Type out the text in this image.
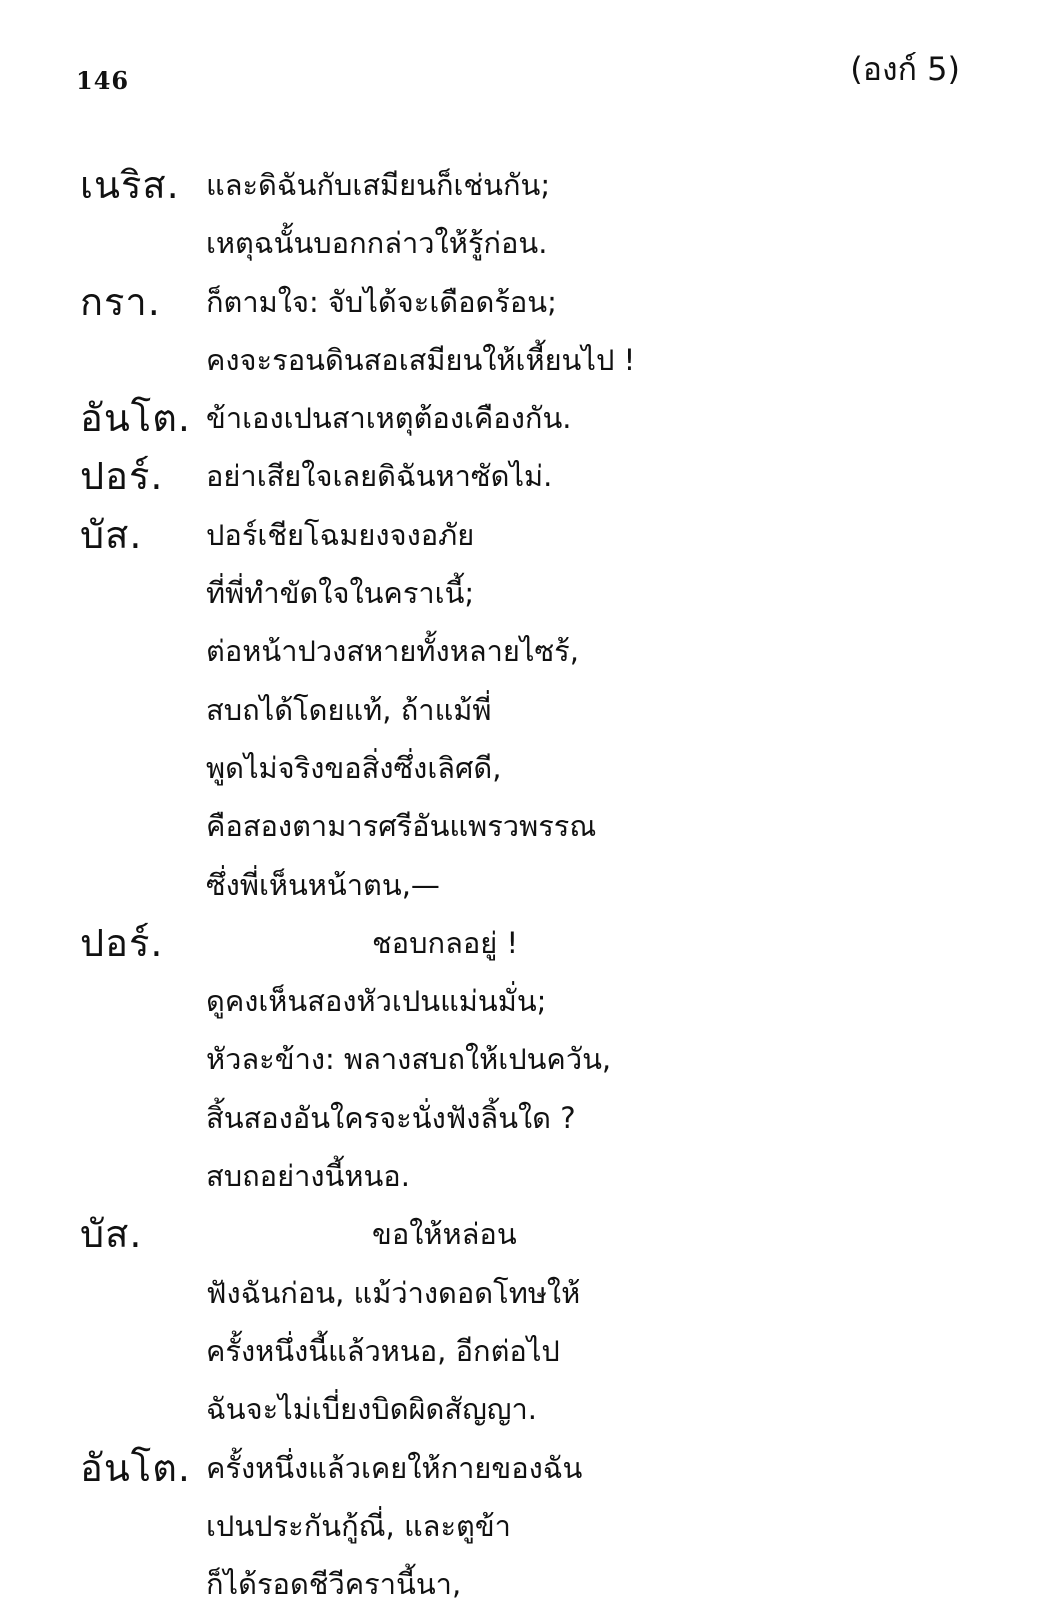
146	(องก์ 5)
เนริส. และดิฉันกับเสมียนก็เช่นกัน;
เหตุฉนั้นบอกกล่าวให้รู้ก่อน.
กรา. ก็ตามใจ: จับได้จะเดือดร้อน;
คงจะรอนดินสอเสมียนให้เหี้ยนไป !
อันโต. ข้าเองเปนสาเหตุต้องเคืองกัน.
ปอร์. อย่าเสียใจเลยดิฉันหาซัดไม่.
บัส. ปอร์เชียโฉมยงจงอภัย
ที่พี่ทำขัดใจในคราเนี้;
ต่อหน้าปวงสหายทั้งหลายไซร้,
สบถได้โดยแท้, ถ้าแม้พี่
พูดไม่จริงขอสิ่งซึ่งเลิศดี,
คือสองตามารศรีอันแพรวพรรณ
ซึ่งพี่เห็นหน้าตน,—
ปอร์.	ชอบกลอยู่ !
ดูคงเห็นสองหัวเปนแม่นมั่น;
หัวละข้าง: พลางสบถให้เปนควัน,
สิ้นสองอันใครจะนั่งฟังลิ้นใด ?
สบถอย่างนี้หนอ.
บัส.	ขอให้หล่อน
ฟังฉันก่อน, แม้ว่างดอดโทษให้
ครั้งหนึ่งนี้แล้วหนอ, อีกต่อไป
ฉันจะไม่เบี่ยงบิดผิดสัญญา.
อันโต. ครั้งหนึ่งแล้วเคยให้กายของฉัน
เปนประกันกู้ณี่, และตูข้า
ก็ได้รอดชีวีครานี้นา,
